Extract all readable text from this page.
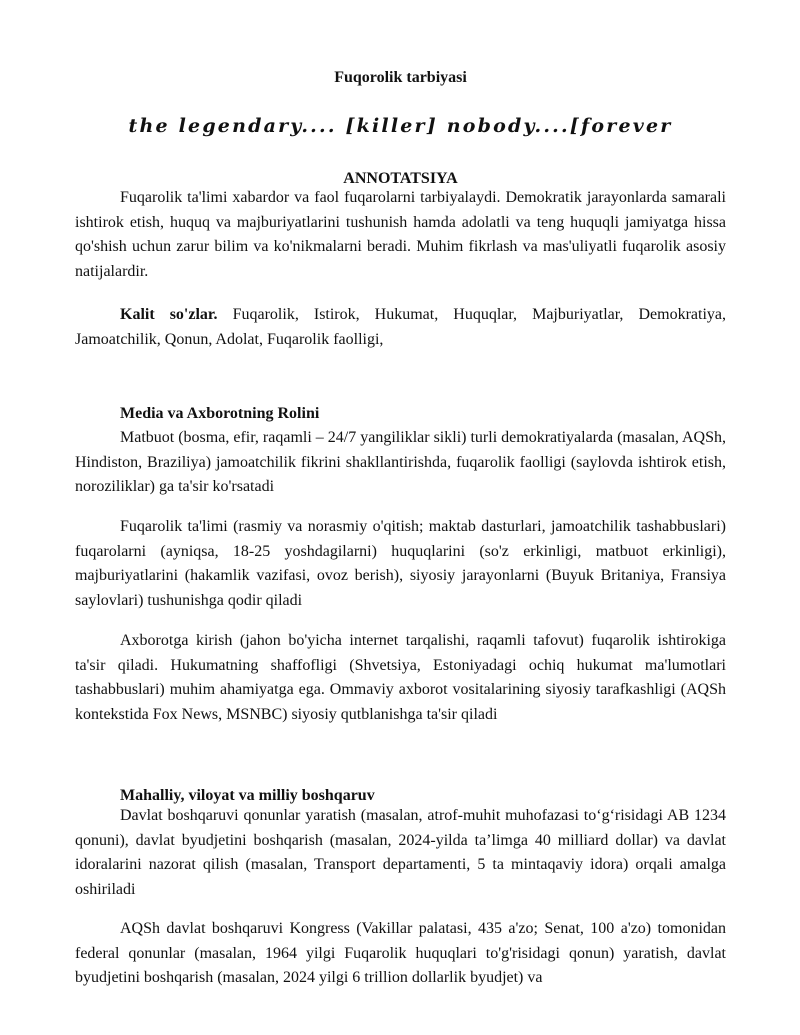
Fuqorolik tarbiyasi
the legendary.... [killer] nobody....[forever
ANNOTATSIYA

Fuqarolik ta'limi xabardor va faol fuqarolarni tarbiyalaydi. Demokratik jarayonlarda samarali ishtirok etish, huquq va majburiyatlarini tushunish hamda adolatli va teng huquqli jamiyatga hissa qo'shish uchun zarur bilim va ko'nikmalarni beradi. Muhim fikrlash va mas'uliyatli fuqarolik asosiy natijalardir.

Kalit so'zlar. Fuqarolik, Istirok, Hukumat, Huquqlar, Majburiyatlar, Demokratiya, Jamoatchilik, Qonun, Adolat, Fuqarolik faolligi,

Media va Axborotning Rolini

Matbuot (bosma, efir, raqamli – 24/7 yangiliklar sikli) turli demokratiyalarda (masalan, AQSh, Hindiston, Braziliya) jamoatchilik fikrini shakllantirishda, fuqarolik faolligi (saylovda ishtirok etish, noroziliklar) ga ta'sir ko'rsatadi

Fuqarolik ta'limi (rasmiy va norasmiy o'qitish; maktab dasturlari, jamoatchilik tashabbuslari) fuqarolarni (ayniqsa, 18-25 yoshdagilarni) huquqlarini (so'z erkinligi, matbuot erkinligi), majburiyatlarini (hakamlik vazifasi, ovoz berish), siyosiy jarayonlarni (Buyuk Britaniya, Fransiya saylovlari) tushunishga qodir qiladi

Axborotga kirish (jahon bo'yicha internet tarqalishi, raqamli tafovut) fuqarolik ishtirokiga ta'sir qiladi. Hukumatning shaffofligi (Shvetsiya, Estoniyadagi ochiq hukumat ma'lumotlari tashabbuslari) muhim ahamiyatga ega. Ommaviy axborot vositalarining siyosiy tarafkashligi (AQSh kontekstida Fox News, MSNBC) siyosiy qutblanishga ta'sir qiladi

Mahalliy, viloyat va milliy boshqaruv

Davlat boshqaruvi qonunlar yaratish (masalan, atrof-muhit muhofazasi to‘g‘risidagi AB 1234 qonuni), davlat byudjetini boshqarish (masalan, 2024-yilda ta’limga 40 milliard dollar) va davlat idoralarini nazorat qilish (masalan, Transport departamenti, 5 ta mintaqaviy idora) orqali amalga oshiriladi

AQSh davlat boshqaruvi Kongress (Vakillar palatasi, 435 a'zo; Senat, 100 a'zo) tomonidan federal qonunlar (masalan, 1964 yilgi Fuqarolik huquqlari to'g'risidagi qonun) yaratish, davlat byudjetini boshqarish (masalan, 2024 yilgi 6 trillion dollarlik byudjet) va
